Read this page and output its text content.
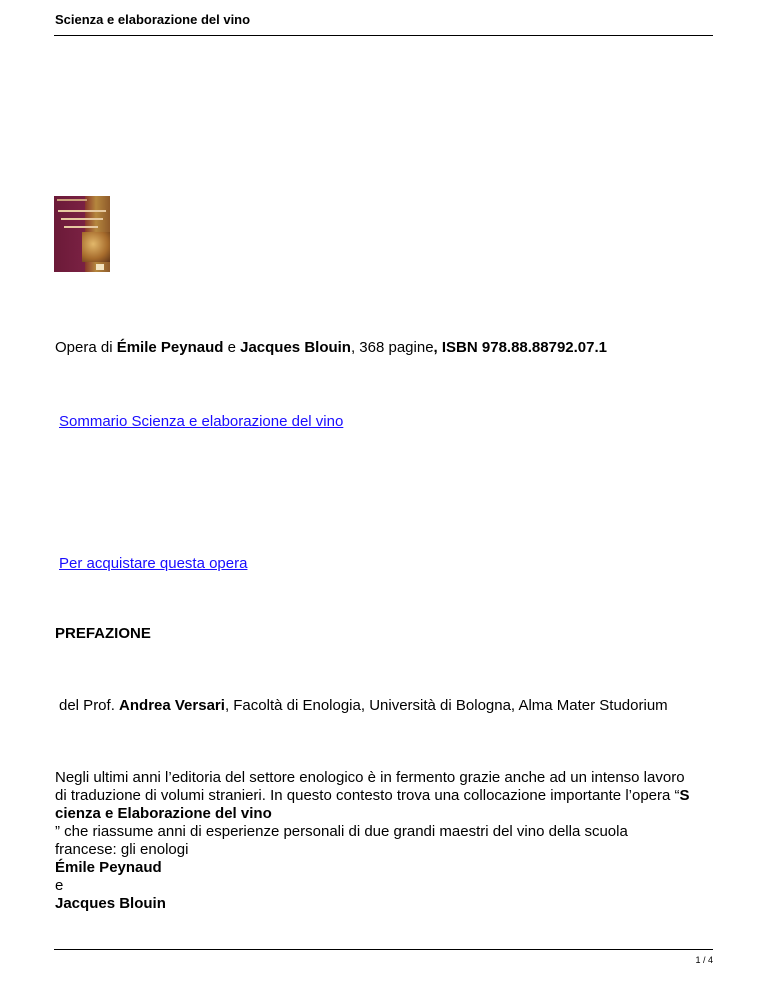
Scienza e elaborazione del vino
Opera di Émile Peynaud e Jacques Blouin, 368 pagine, ISBN 978.88.88792.07.1
Sommario Scienza e elaborazione del vino
Per acquistare questa opera
PREFAZIONE
del Prof. Andrea Versari, Facoltà di Enologia, Università di Bologna, Alma Mater Studorium
Negli ultimi anni l’editoria del settore enologico è in fermento grazie anche ad un intenso lavoro
di traduzione di volumi stranieri. In questo contesto trova una collocazione importante l’opera “S
cienza e Elaborazione del vino
” che riassume anni di esperienze personali di due grandi maestri del vino della scuola
francese: gli enologi
Émile Peynaud
e
Jacques Blouin
1 / 4
